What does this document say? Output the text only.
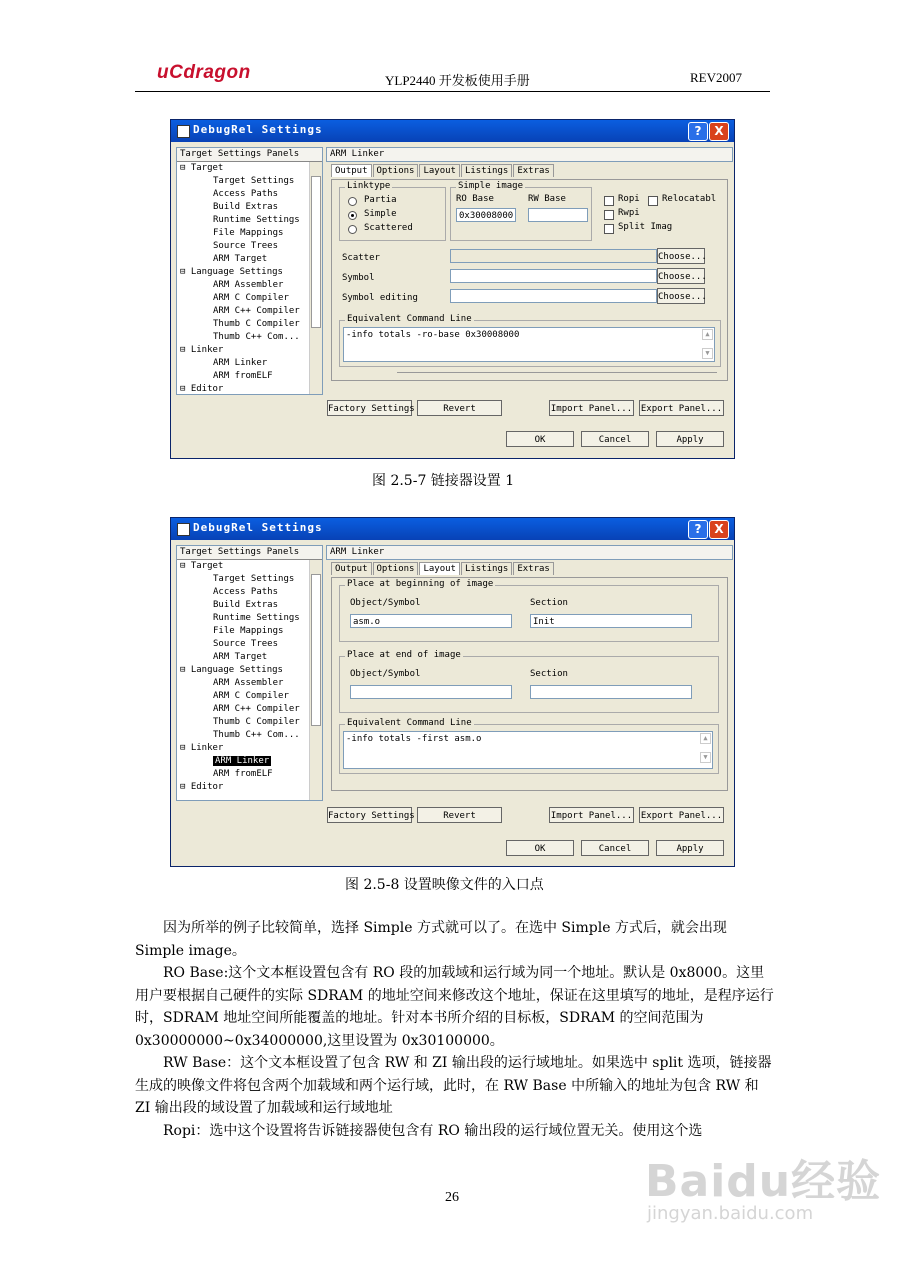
uCdragon	YLP2440 开发板使用手册	REV2007
DebugRel Settings	?	X
Target Settings Panels
⊟ Target
Target Settings
Access Paths
Build Extras
Runtime Settings
File Mappings
Source Trees
ARM Target
⊟ Language Settings
ARM Assembler
ARM C Compiler
ARM C++ Compiler
Thumb C Compiler
Thumb C++ Com...
⊟ Linker
ARM Linker
ARM fromELF
⊟ Editor
ARM Linker
Output Options Layout Listings Extras
Linktype
Partia
Simple
Scattered
Simple image
RO Base	RW Base
0x30008000
Ropi Relocatabl
Rwpi
Split Imag
Scatter	Choose...
Symbol	Choose...
Symbol editing	Choose...
Equivalent Command Line
-info totals -ro-base 0x30008000	▲
▼
Factory Settings	Revert	Import Panel... Export Panel...
OK	Cancel	Apply
图 2.5-7 链接器设置 1
DebugRel Settings	?	X
Target Settings Panels
⊟ Target
Target Settings
Access Paths
Build Extras
Runtime Settings
File Mappings
Source Trees
ARM Target
⊟ Language Settings
ARM Assembler
ARM C Compiler
ARM C++ Compiler
Thumb C Compiler
Thumb C++ Com...
⊟ Linker
ARM Linker
ARM fromELF
⊟ Editor
ARM Linker
Output Options Layout Listings Extras
Place at beginning of image
Object/Symbol	Section
asm.o	Init
Place at end of image
Object/Symbol	Section
Equivalent Command Line
-info totals -first asm.o	▲
▼
Factory Settings	Revert	Import Panel... Export Panel...
OK	Cancel	Apply
图 2.5-8 设置映像文件的入口点

因为所举的例子比较简单，选择 Simple 方式就可以了。在选中 Simple 方式后，就会出现 Simple image。

RO Base:这个文本框设置包含有 RO 段的加载域和运行域为同一个地址。默认是 0x8000。这里用户要根据自己硬件的实际 SDRAM 的地址空间来修改这个地址，保证在这里填写的地址，是程序运行时，SDRAM 地址空间所能覆盖的地址。针对本书所介绍的目标板，SDRAM 的空间范围为 0x30000000~0x34000000,这里设置为 0x30100000。

RW Base：这个文本框设置了包含 RW 和 ZI 输出段的运行域地址。如果选中 split 选项，链接器生成的映像文件将包含两个加载域和两个运行域，此时，在 RW Base 中所输入的地址为包含 RW 和 ZI 输出段的域设置了加载域和运行域地址

Ropi：选中这个设置将告诉链接器使包含有 RO 输出段的运行域位置无关。使用这个选

26	Baidu经验
jingyan.baidu.com
